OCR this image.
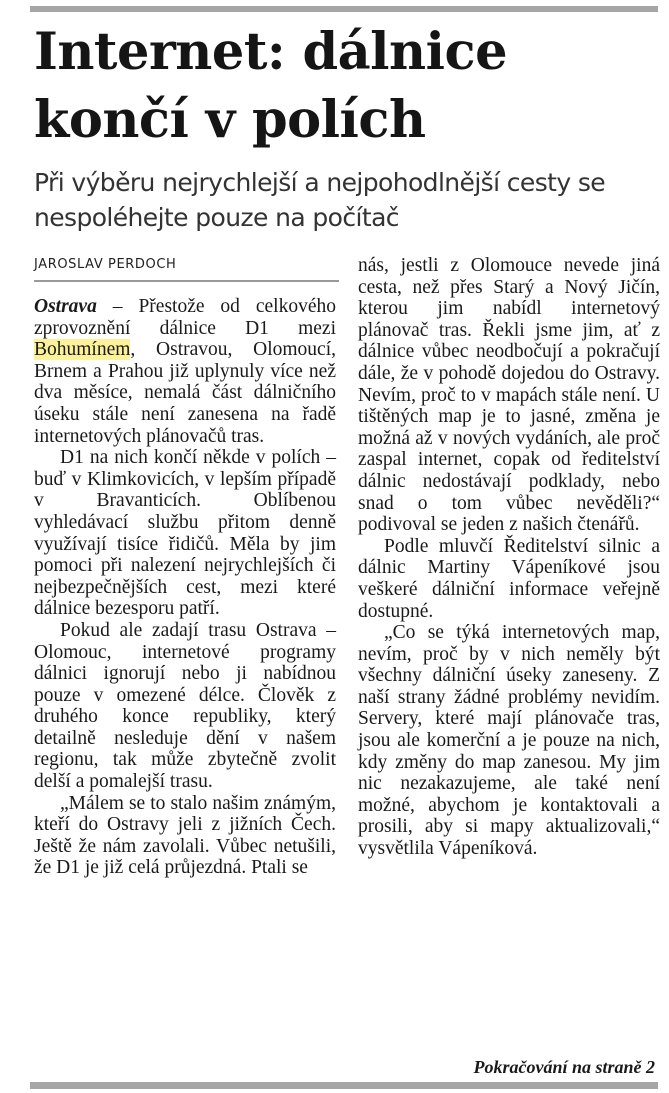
Internet: dálnice končí v polích
Při výběru nejrychlejší a nejpohodlnější cesty se nespoléhejte pouze na počítač
JAROSLAV PERDOCH

Ostrava – Přestože od celkového zprovoznění dálnice D1 mezi Bohumínem, Ostravou, Olomoucí, Brnem a Prahou již uplynuly více než dva měsíce, nemalá část dálničního úseku stále není zanesena na řadě internetových plánovačů tras.

D1 na nich končí někde v polích – buď v Klimkovicích, v lepším případě v Bravanticích. Oblíbenou vyhledávací službu přitom denně využívají tisíce řidičů. Měla by jim pomoci při nalezení nejrychlejších či nejbezpečnějších cest, mezi které dálnice bezesporu patří.

Pokud ale zadají trasu Ostrava – Olomouc, internetové programy dálnici ignorují nebo ji nabídnou pouze v omezené délce. Člověk z druhého konce republiky, který detailně nesleduje dění v našem regionu, tak může zbytečně zvolit delší a pomalejší trasu.

„Málem se to stalo našim známým, kteří do Ostravy jeli z jižních Čech. Ještě že nám zavolali. Vůbec netušili, že D1 je již celá průjezdná. Ptali se

nás, jestli z Olomouce nevede jiná cesta, než přes Starý a Nový Jičín, kterou jim nabídl internetový plánovač tras. Řekli jsme jim, ať z dálnice vůbec neodbočují a pokračují dále, že v pohodě dojedou do Ostravy. Nevím, proč to v mapách stále není. U tištěných map je to jasné, změna je možná až v nových vydáních, ale proč zaspal internet, copak od ředitelství dálnic nedostávají podklady, nebo snad o tom vůbec nevěděli?“ podivoval se jeden z našich čtenářů.

Podle mluvčí Ředitelství silnic a dálnic Martiny Vápeníkové jsou veškeré dálniční informace veřejně dostupné.

„Co se týká internetových map, nevím, proč by v nich neměly být všechny dálniční úseky zaneseny. Z naší strany žádné problémy nevidím. Servery, které mají plánovače tras, jsou ale komerční a je pouze na nich, kdy změny do map zanesou. My jim nic nezakazujeme, ale také není možné, abychom je kontaktovali a prosili, aby si mapy aktualizovali,“ vysvětlila Vápeníková.

Pokračování na straně 2
